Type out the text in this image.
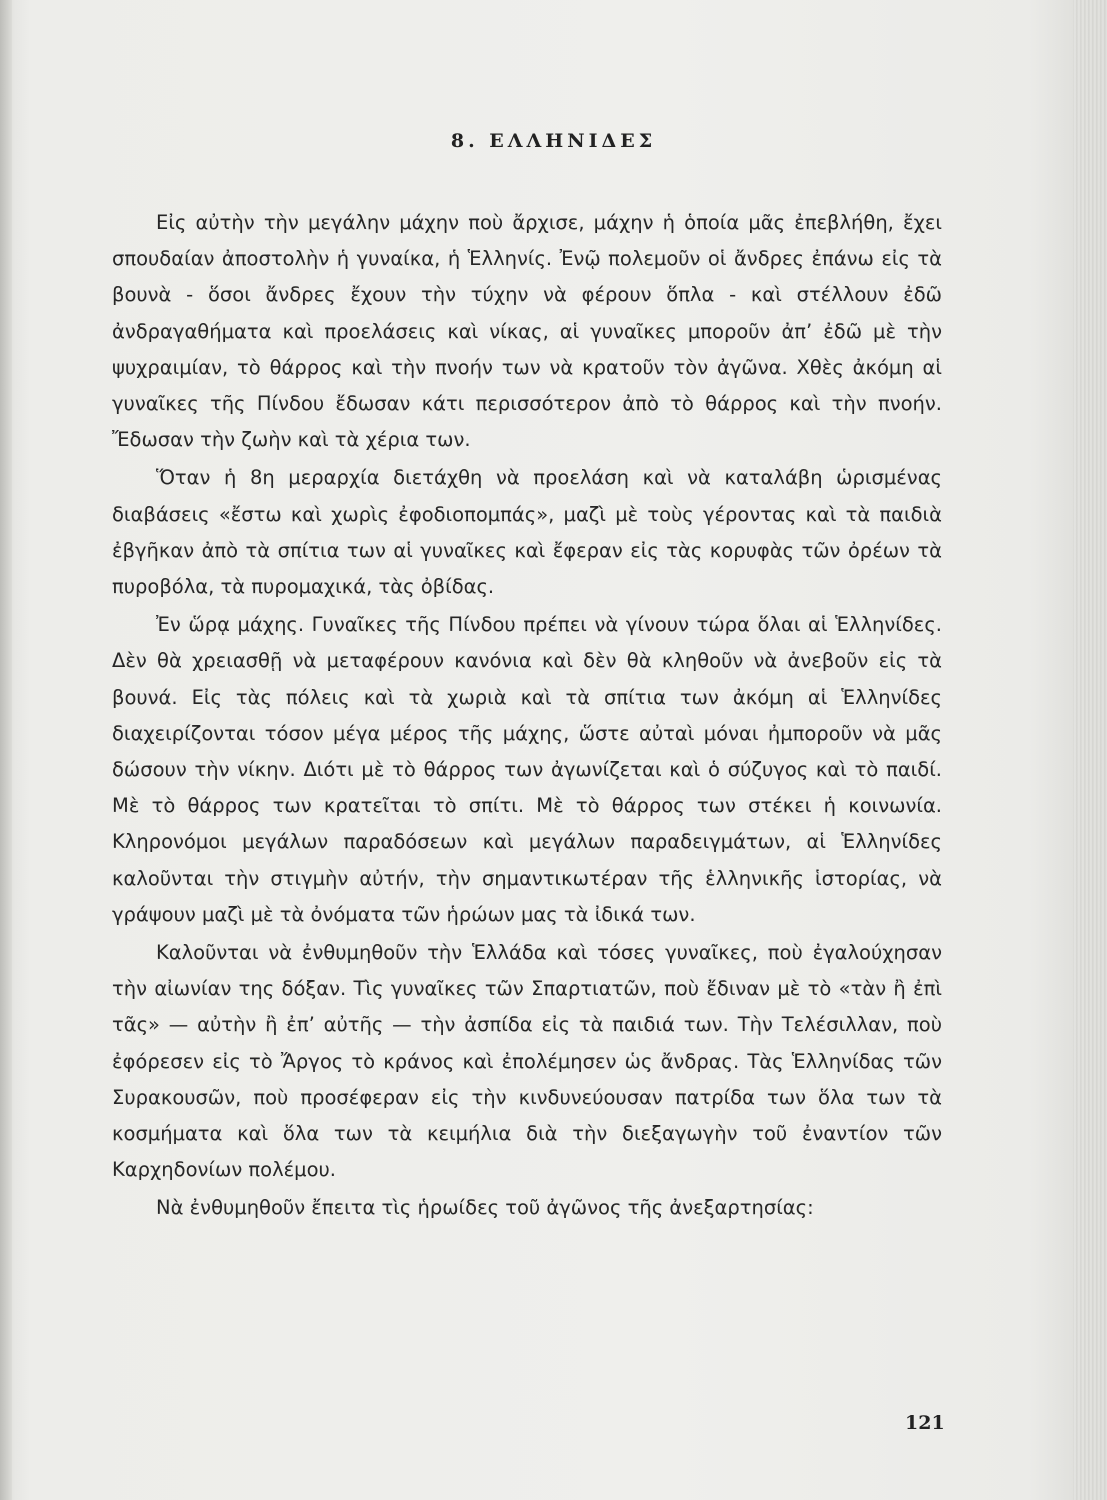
8. ΕΛΛΗΝΙΔΕΣ

Εἰς αὐτὴν τὴν μεγάλην μάχην ποὺ ἄρχισε, μάχην ἡ ὁποία μᾶς ἐπεβλήθη, ἔχει σπουδαίαν ἀποστολὴν ἡ γυναίκα, ἡ Ἑλληνίς. Ἐνῷ πολεμοῦν οἱ ἄνδρες ἐπάνω εἰς τὰ βουνὰ - ὅσοι ἄνδρες ἔχουν τὴν τύχην νὰ φέρουν ὅπλα - καὶ στέλλουν ἐδῶ ἀνδραγαθήματα καὶ προελάσεις καὶ νίκας, αἱ γυναῖκες μποροῦν ἀπ’ ἐδῶ μὲ τὴν ψυχραιμίαν, τὸ θάρρος καὶ τὴν πνοήν των νὰ κρατοῦν τὸν ἀγῶνα. Χθὲς ἀκόμη αἱ γυναῖκες τῆς Πίνδου ἔδωσαν κάτι περισσότερον ἀπὸ τὸ θάρρος καὶ τὴν πνοήν. Ἔδωσαν τὴν ζωὴν καὶ τὰ χέρια των.

Ὅταν ἡ 8η μεραρχία διετάχθη νὰ προελάση καὶ νὰ καταλάβη ὡρισμένας διαβάσεις «ἔστω καὶ χωρὶς ἐφοδιοπομπάς», μαζὶ μὲ τοὺς γέροντας καὶ τὰ παιδιὰ ἐβγῆκαν ἀπὸ τὰ σπίτια των αἱ γυναῖκες καὶ ἔφεραν εἰς τὰς κορυφὰς τῶν ὀρέων τὰ πυροβόλα, τὰ πυρομαχικά, τὰς ὀβίδας.

Ἐν ὥρᾳ μάχης. Γυναῖκες τῆς Πίνδου πρέπει νὰ γίνουν τώρα ὅλαι αἱ Ἑλληνίδες. Δὲν θὰ χρειασθῇ νὰ μεταφέρουν κανόνια καὶ δὲν θὰ κληθοῦν νὰ ἀνεβοῦν εἰς τὰ βουνά. Εἰς τὰς πόλεις καὶ τὰ χωριὰ καὶ τὰ σπίτια των ἀκόμη αἱ Ἑλληνίδες διαχειρίζονται τόσον μέγα μέρος τῆς μάχης, ὥστε αὐταὶ μόναι ἠμποροῦν νὰ μᾶς δώσουν τὴν νίκην. Διότι μὲ τὸ θάρρος των ἀγωνίζεται καὶ ὁ σύζυγος καὶ τὸ παιδί. Μὲ τὸ θάρρος των κρατεῖται τὸ σπίτι. Μὲ τὸ θάρρος των στέκει ἡ κοινωνία. Κληρονόμοι μεγάλων παραδόσεων καὶ μεγάλων παραδειγμάτων, αἱ Ἑλληνίδες καλοῦνται τὴν στιγμὴν αὐτήν, τὴν σημαντικωτέραν τῆς ἑλληνικῆς ἱστορίας, νὰ γράψουν μαζὶ μὲ τὰ ὀνόματα τῶν ἡρώων μας τὰ ἰδικά των.

Καλοῦνται νὰ ἐνθυμηθοῦν τὴν Ἑλλάδα καὶ τόσες γυναῖκες, ποὺ ἐγαλούχησαν τὴν αἰωνίαν της δόξαν. Τὶς γυναῖκες τῶν Σπαρτιατῶν, ποὺ ἔδιναν μὲ τὸ «τὰν ἢ ἐπὶ τᾶς» — αὐτὴν ἢ ἐπ’ αὐτῆς — τὴν ἀσπίδα εἰς τὰ παιδιά των. Τὴν Τελέσιλλαν, ποὺ ἐφόρεσεν εἰς τὸ Ἄργος τὸ κράνος καὶ ἐπολέμησεν ὡς ἄνδρας. Τὰς Ἑλληνίδας τῶν Συρακουσῶν, ποὺ προσέφεραν εἰς τὴν κινδυνεύουσαν πατρίδα των ὅλα των τὰ κοσμήματα καὶ ὅλα των τὰ κειμήλια διὰ τὴν διεξαγωγὴν τοῦ ἐναντίον τῶν Καρχηδονίων πολέμου.

Νὰ ἐνθυμηθοῦν ἔπειτα τὶς ἡρωίδες τοῦ ἀγῶνος τῆς ἀνεξαρτησίας:

121
